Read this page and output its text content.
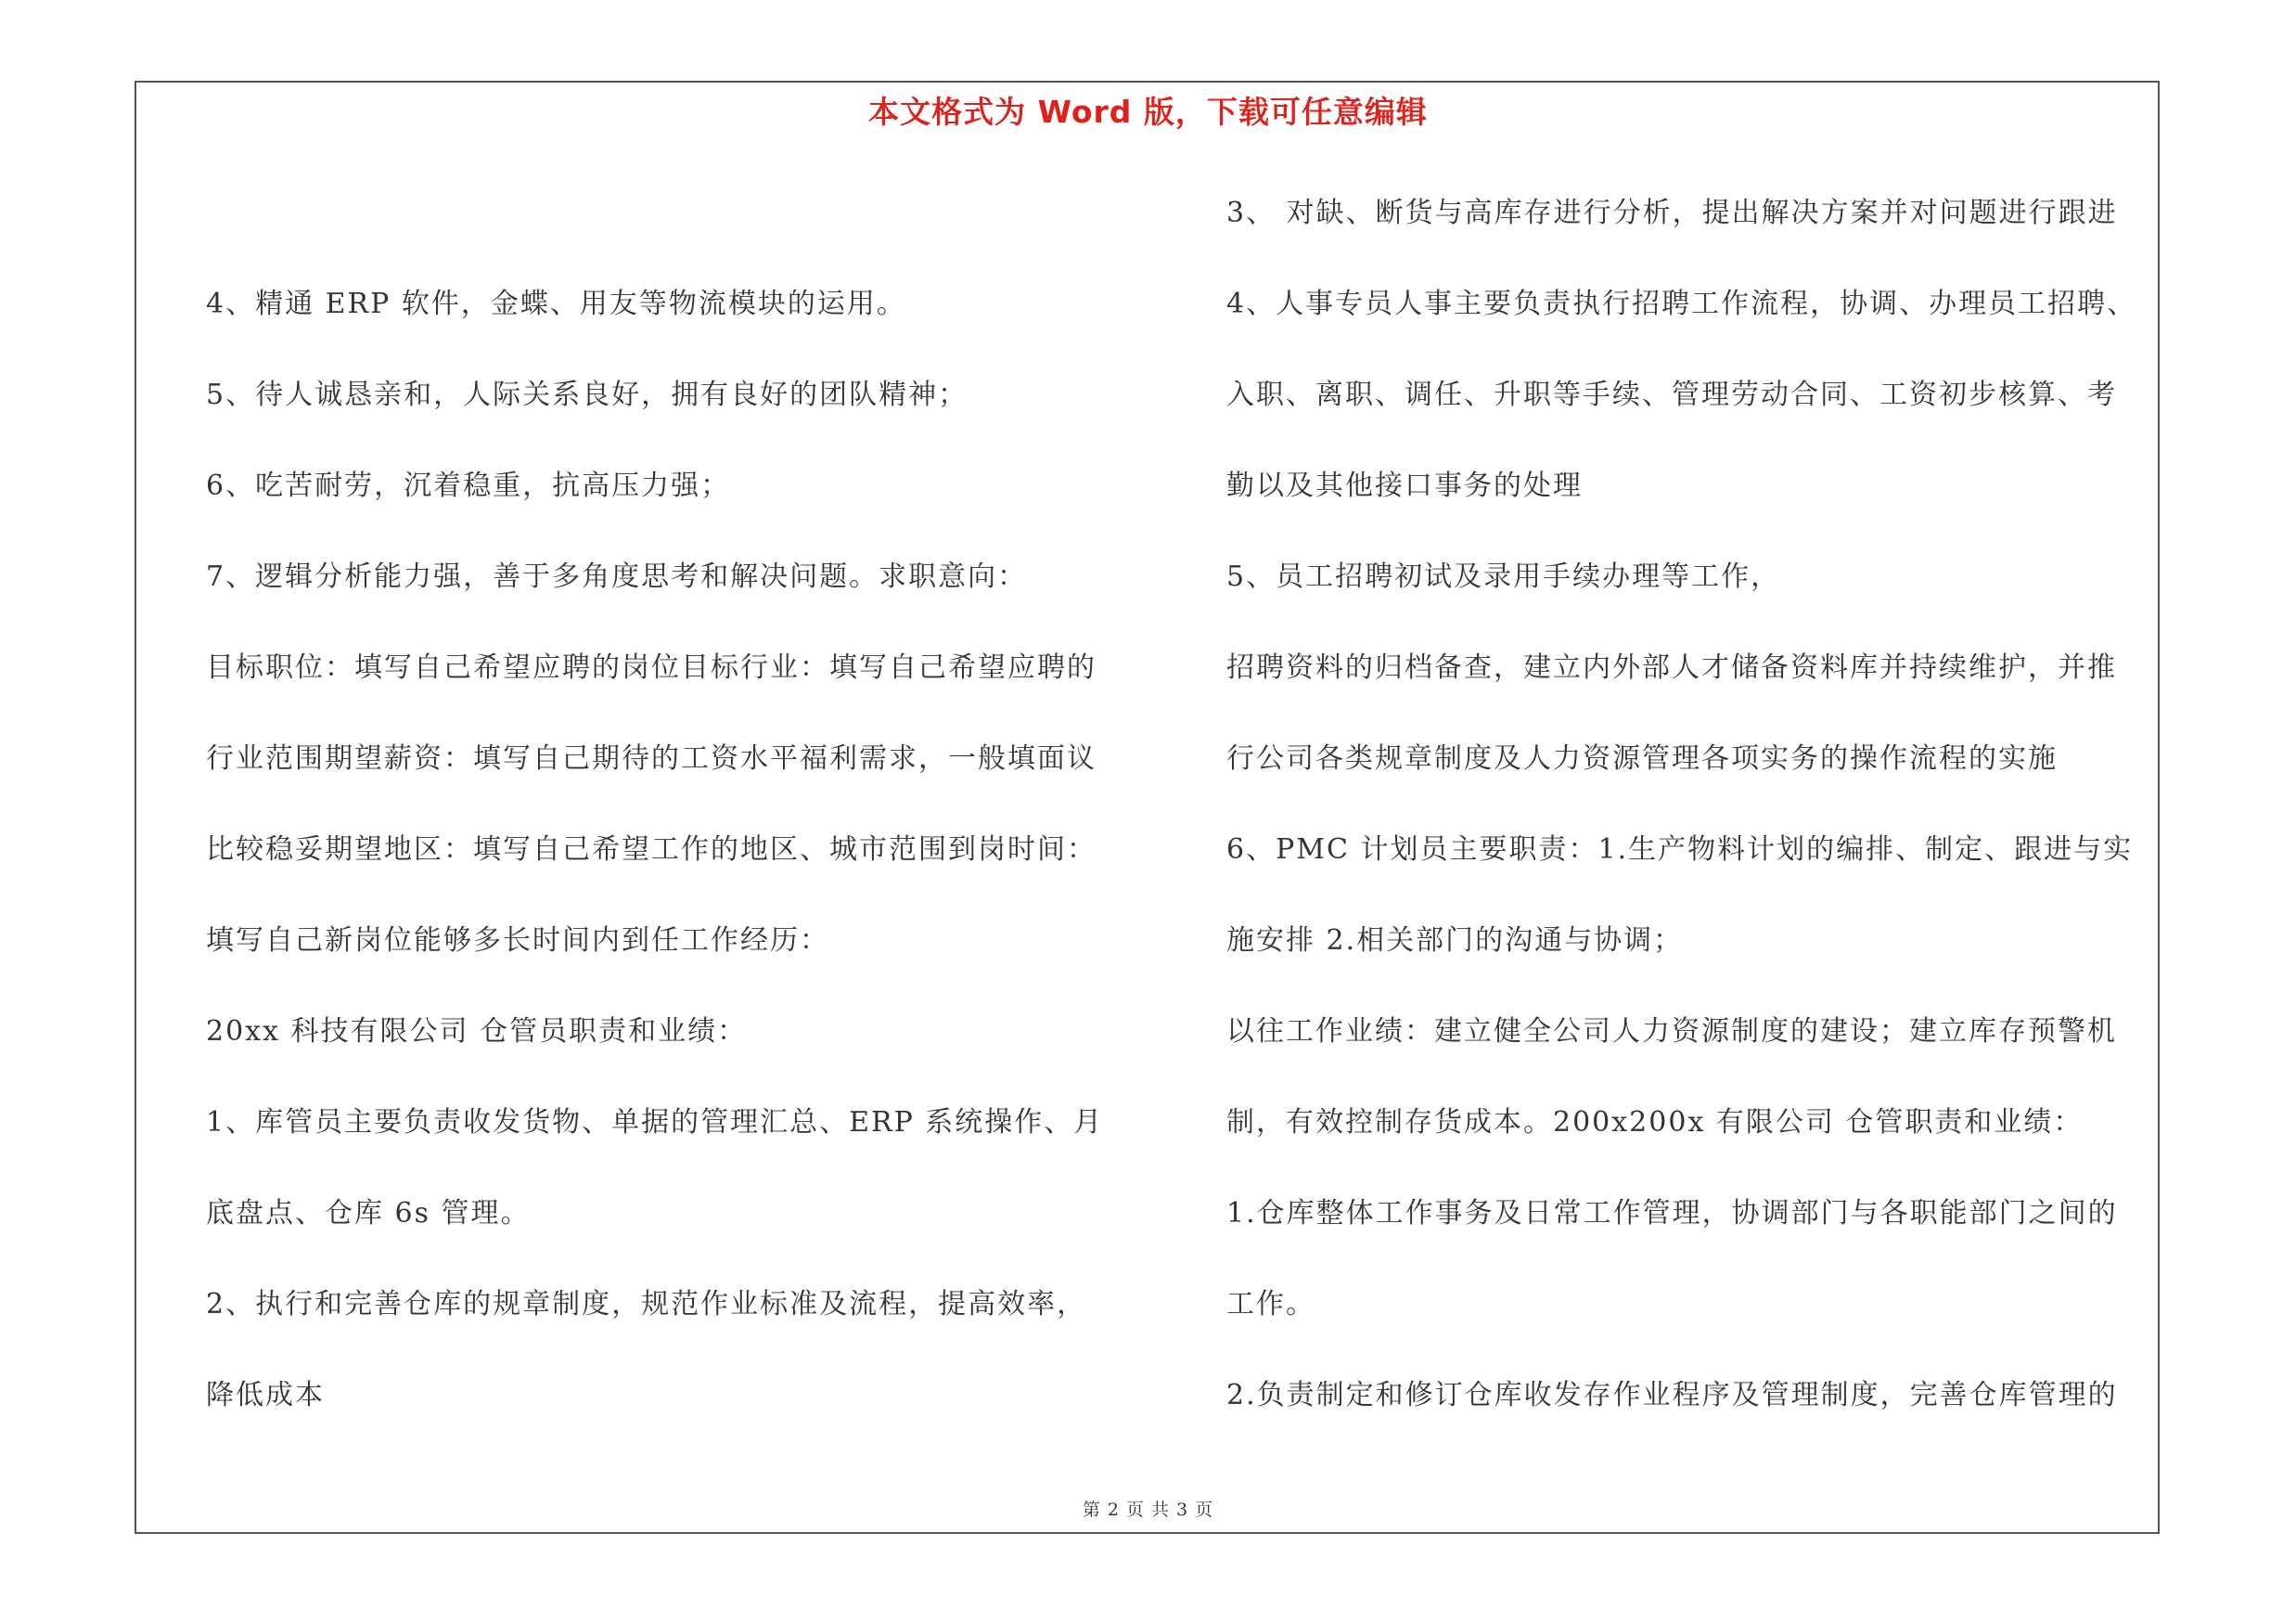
本文格式为 Word 版，下载可任意编辑
4、精通 ERP 软件，金蝶、用友等物流模块的运用。
5、待人诚恳亲和，人际关系良好，拥有良好的团队精神；
6、吃苦耐劳，沉着稳重，抗高压力强；
7、逻辑分析能力强，善于多角度思考和解决问题。求职意向：
目标职位：填写自己希望应聘的岗位目标行业：填写自己希望应聘的
行业范围期望薪资：填写自己期待的工资水平福利需求，一般填面议
比较稳妥期望地区：填写自己希望工作的地区、城市范围到岗时间：
填写自己新岗位能够多长时间内到任工作经历：
20xx 科技有限公司 仓管员职责和业绩：
1、库管员主要负责收发货物、单据的管理汇总、ERP 系统操作、月
底盘点、仓库 6s 管理。
2、执行和完善仓库的规章制度，规范作业标准及流程，提高效率，
降低成本
3、 对缺、断货与高库存进行分析，提出解决方案并对问题进行跟进
4、人事专员人事主要负责执行招聘工作流程，协调、办理员工招聘、
入职、离职、调任、升职等手续、管理劳动合同、工资初步核算、考
勤以及其他接口事务的处理
5、员工招聘初试及录用手续办理等工作，
招聘资料的归档备查，建立内外部人才储备资料库并持续维护，并推
行公司各类规章制度及人力资源管理各项实务的操作流程的实施
6、PMC 计划员主要职责：1.生产物料计划的编排、制定、跟进与实
施安排 2.相关部门的沟通与协调；
以往工作业绩：建立健全公司人力资源制度的建设；建立库存预警机
制，有效控制存货成本。200x200x 有限公司 仓管职责和业绩：
1.仓库整体工作事务及日常工作管理，协调部门与各职能部门之间的
工作。
2.负责制定和修订仓库收发存作业程序及管理制度，完善仓库管理的
第 2 页 共 3 页
